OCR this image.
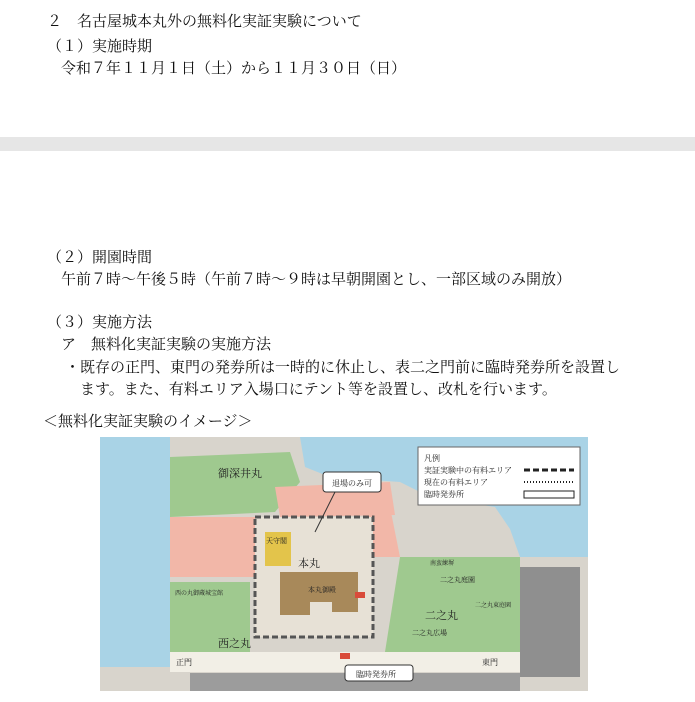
２　名古屋城本丸外の無料化実証実験について
（１）実施時期
令和７年１１月１日（土）から１１月３０日（日）
（２）開園時間
午前７時〜午後５時（午前７時〜９時は早朝開園とし、一部区域のみ開放）
（３）実施方法
ア　無料化実証実験の実施方法
・既存の正門、東門の発券所は一時的に休止し、表二之門前に臨時発券所を設置し
ます。また、有料エリア入場口にテント等を設置し、改札を行います。
＜無料化実証実験のイメージ＞
凡例
実証実験中の有料エリア
現在の有料エリア
臨時発券所
退場のみ可
臨時発券所
御深井丸
本丸
二之丸
西之丸
正門	東門
天守閣
本丸御殿
西の丸御蔵城宝館
二之丸庭園
二之丸広場
南蛮練塀
二之丸東庭園
